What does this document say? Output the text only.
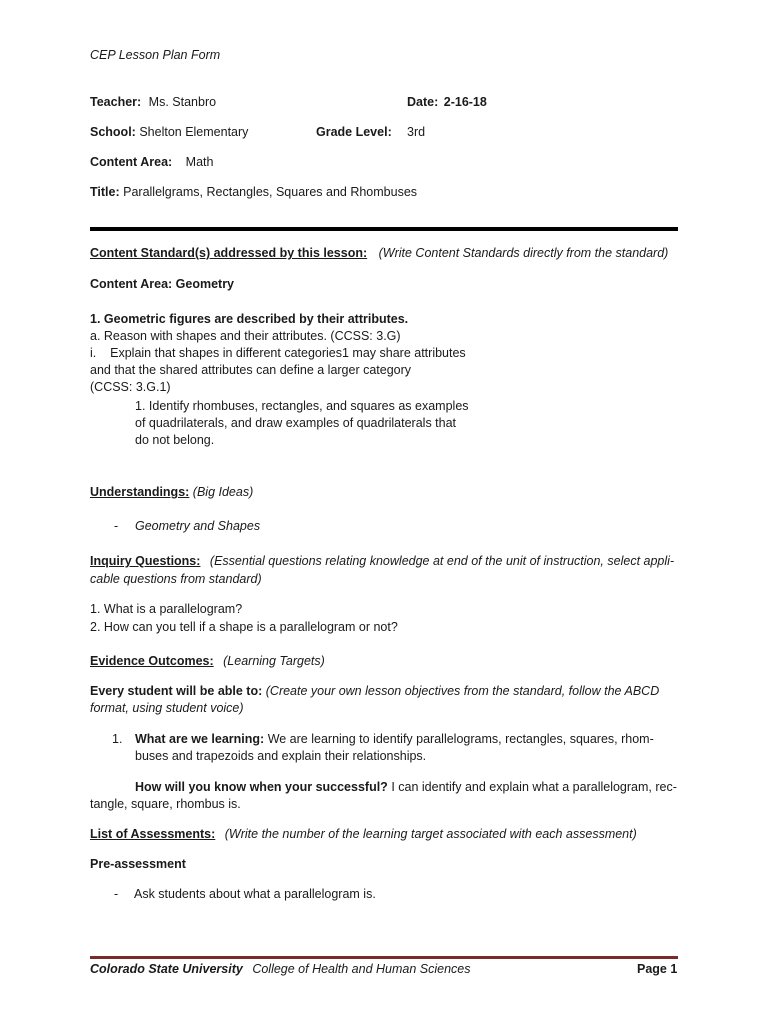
CEP Lesson Plan Form
Teacher: Ms. Stanbro	Date: 2-16-18
School: Shelton Elementary	Grade Level: 3rd
Content Area: Math
Title: Parallelgrams, Rectangles, Squares and Rhombuses
Content Standard(s) addressed by this lesson: (Write Content Standards directly from the standard)
Content Area: Geometry
1. Geometric figures are described by their attributes.
a. Reason with shapes and their attributes. (CCSS: 3.G)
i.    Explain that shapes in different categories1 may share attributes
and that the shared attributes can define a larger category
(CCSS: 3.G.1)
1. Identify rhombuses, rectangles, and squares as examples
of quadrilaterals, and draw examples of quadrilaterals that
do not belong.
Understandings: (Big Ideas)
- Geometry and Shapes
Inquiry Questions: (Essential questions relating knowledge at end of the unit of instruction, select appli-
cable questions from standard)
1. What is a parallelogram?
2. How can you tell if a shape is a parallelogram or not?
Evidence Outcomes: (Learning Targets)
Every student will be able to: (Create your own lesson objectives from the standard, follow the ABCD
format, using student voice)
1. What are we learning: We are learning to identify parallelograms, rectangles, squares, rhom-
buses and trapezoids and explain their relationships.
How will you know when your successful? I can identify and explain what a parallelogram, rec-
tangle, square, rhombus is.
List of Assessments: (Write the number of the learning target associated with each assessment)
Pre-assessment
- Ask students about what a parallelogram is.
Colorado State University College of Health and Human Sciences	Page 1
